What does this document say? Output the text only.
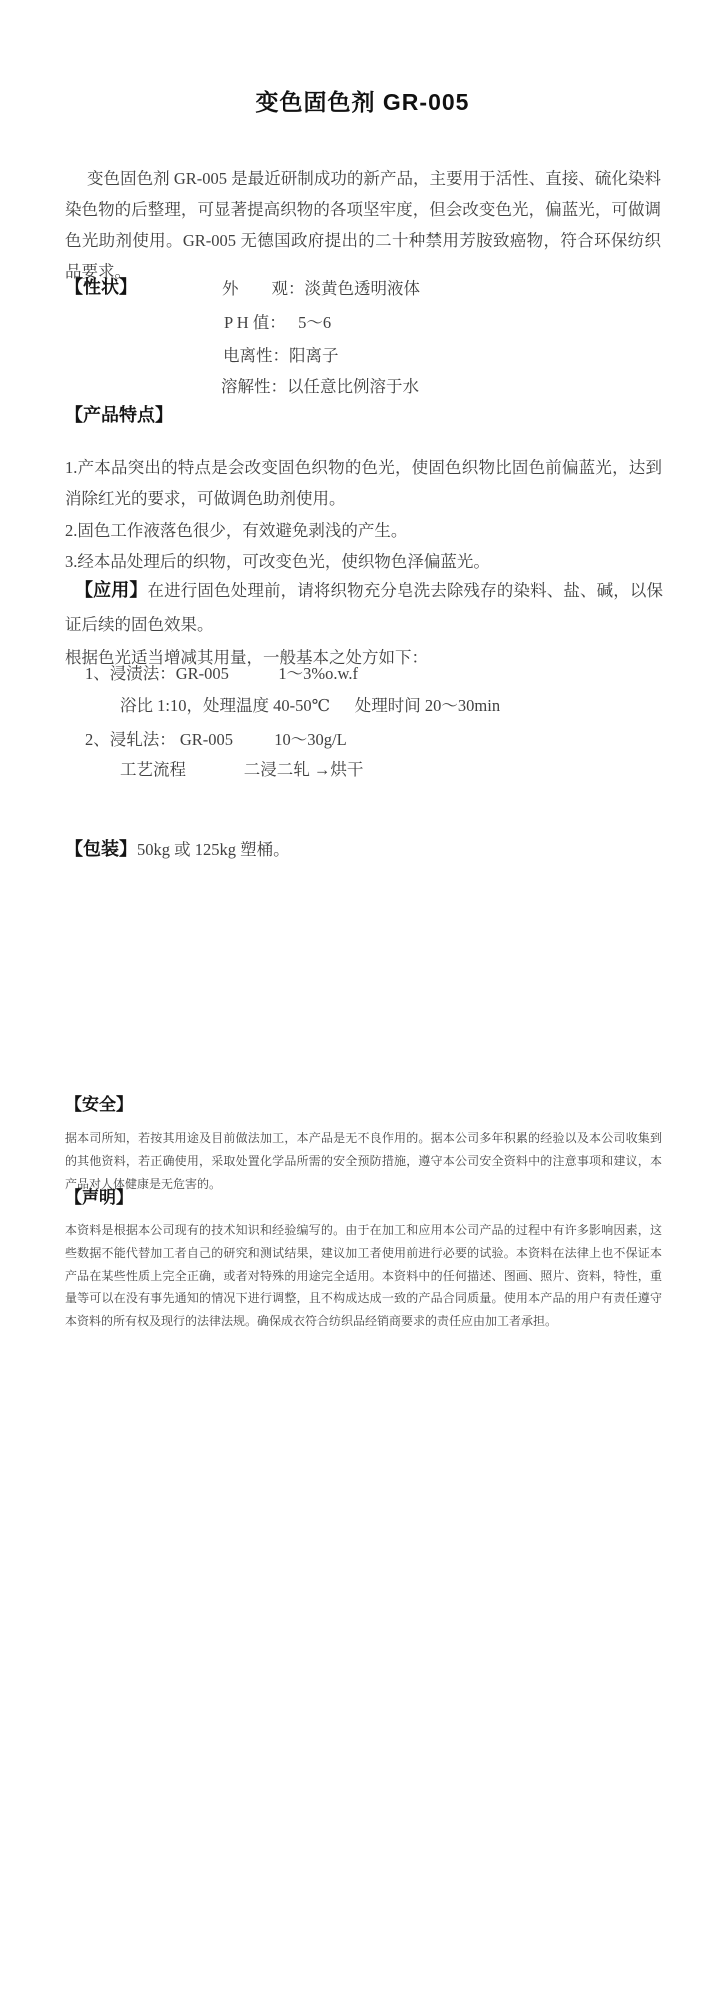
变色固色剂 GR-005

变色固色剂 GR-005 是最近研制成功的新产品，主要用于活性、直接、硫化染料染色物的后整理，可显著提高织物的各项坚牢度，但会改变色光，偏蓝光，可做调色光助剂使用。GR-005 无德国政府提出的二十种禁用芳胺致癌物，符合环保纺织品要求。

【性状】	外　　观：淡黄色透明液体
P H 值：   5～6
电离性：阳离子
溶解性：以任意比例溶于水
【产品特点】

1.产本品突出的特点是会改变固色织物的色光，使固色织物比固色前偏蓝光，达到消除红光的要求，可做调色助剂使用。

2.固色工作液落色很少，有效避免剥浅的产生。

3.经本品处理后的织物，可改变色光，使织物色泽偏蓝光。

【应用】在进行固色处理前，请将织物充分皂洗去除残存的染料、盐、碱，以保证后续的固色效果。

根据色光适当增减其用量，一般基本之处方如下：

1、浸渍法：GR-005            1～3%o.w.f
浴比 1:10，处理温度 40-50℃      处理时间 20～30min
2、浸轧法： GR-005          10～30g/L
工艺流程              二浸二轧 →烘干

【包装】50kg 或 125kg 塑桶。

【安全】

据本司所知，若按其用途及目前做法加工，本产品是无不良作用的。据本公司多年积累的经验以及本公司收集到的其他资料，若正确使用，采取处置化学品所需的安全预防措施，遵守本公司安全资料中的注意事项和建议，本产品对人体健康是无危害的。

【声明】

本资料是根据本公司现有的技术知识和经验编写的。由于在加工和应用本公司产品的过程中有许多影响因素，这些数据不能代替加工者自己的研究和测试结果，建议加工者使用前进行必要的试验。本资料在法律上也不保证本产品在某些性质上完全正确，或者对特殊的用途完全适用。本资料中的任何描述、图画、照片、资料，特性，重量等可以在没有事先通知的情况下进行调整，且不构成达成一致的产品合同质量。使用本产品的用户有责任遵守本资料的所有权及现行的法律法规。确保成衣符合纺织品经销商要求的责任应由加工者承担。
